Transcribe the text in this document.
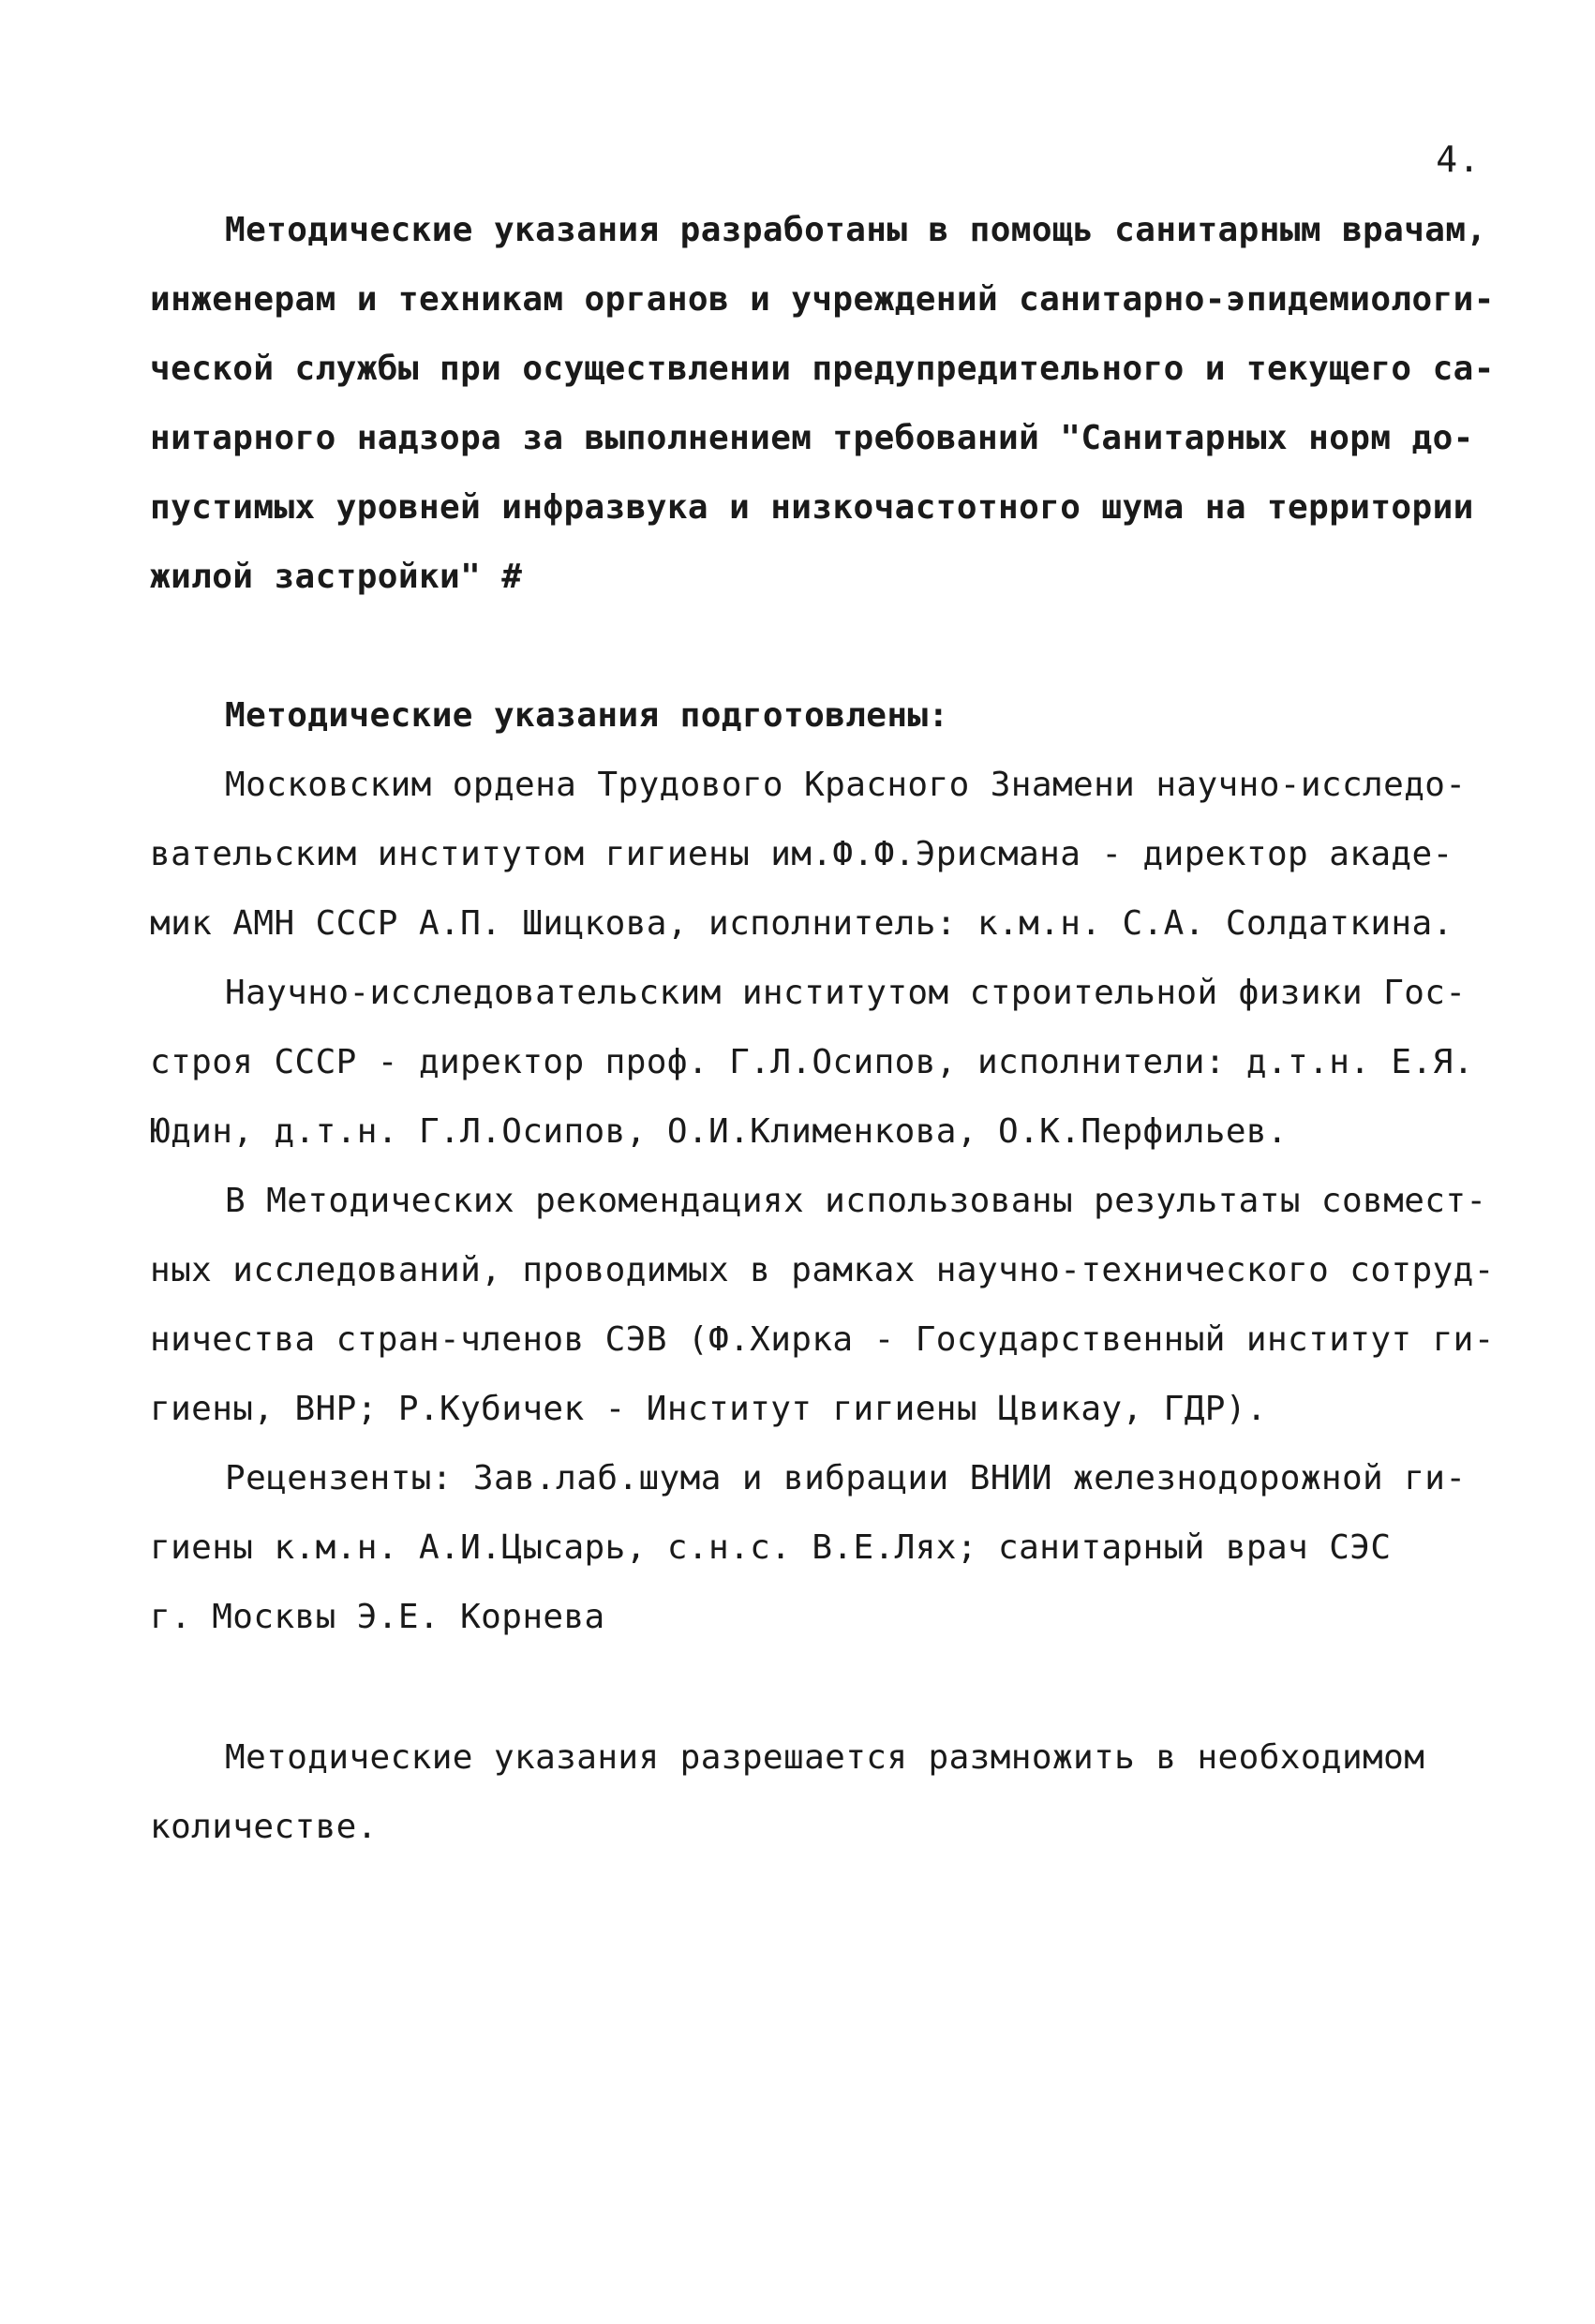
4.
Методические указания разработаны в помощь санитарным врачам,
инженерам и техникам органов и учреждений санитарно-эпидемиологи-
ческой службы при осуществлении предупредительного и текущего са-
нитарного надзора за выполнением требований "Санитарных норм до-
пустимых уровней инфразвука и низкочастотного шума на территории
жилой застройки" #
Методические указания подготовлены:
Московским ордена Трудового Красного Знамени научно-исследо-
вательским институтом гигиены им.Ф.Ф.Эрисмана - директор акаде-
мик АМН СССР А.П. Шицкова, исполнитель: к.м.н. С.А. Солдаткина.
Научно-исследовательским институтом строительной физики Гос-
строя СССР - директор проф. Г.Л.Осипов, исполнители: д.т.н. Е.Я.
Юдин, д.т.н. Г.Л.Осипов, О.И.Клименкова, О.К.Перфильев.
В Методических рекомендациях использованы результаты совмест-
ных исследований, проводимых в рамках научно-технического сотруд-
ничества стран-членов СЭВ (Ф.Хирка - Государственный институт ги-
гиены, ВНР; Р.Кубичек - Институт гигиены Цвикау, ГДР).
Рецензенты: Зав.лаб.шума и вибрации ВНИИ железнодорожной ги-
гиены к.м.н. А.И.Цысарь, с.н.с. В.Е.Лях; санитарный врач СЭС
г. Москвы Э.Е. Корнева
Методические указания разрешается размножить в необходимом
количестве.
